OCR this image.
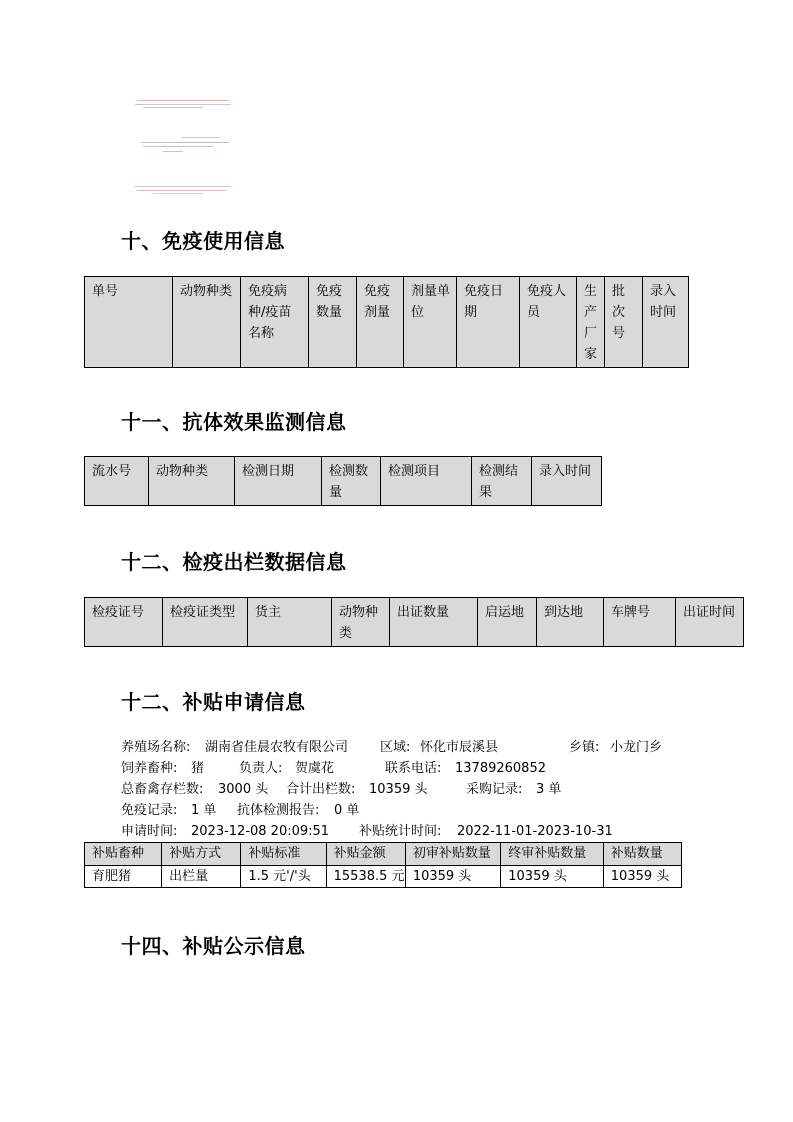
十、免疫使用信息
单号	动物种类	免疫病种/疫苗名称	免疫数量	免疫剂量	剂量单位	免疫日期	免疫人员	生产厂家	批次号	录入时间
十一、抗体效果监测信息
流水号	动物种类	检测日期	检测数量	检测项目	检测结果	录入时间
十二、检疫出栏数据信息
检疫证号	检疫证类型	货主	动物种类	出证数量	启运地	到达地	车牌号	出证时间
十二、补贴申请信息
养殖场名称: 湖南省佳晨农牧有限公司 区域: 怀化市辰溪县	乡镇: 小龙门乡
饲养畜种: 猪	负责人: 贺虞花	联系电话: 13789260852
总畜禽存栏数: 3000 头 合计出栏数: 10359 头	采购记录: 3 单
免疫记录: 1 单 抗体检测报告: 0 单
申请时间: 2023-12-08 20:09:51 补贴统计时间: 2022-11-01-2023-10-31
补贴畜种	补贴方式	补贴标准	补贴金额	初审补贴数量	终审补贴数量	补贴数量
育肥猪	出栏量	1.5 元'/'头	15538.5 元	10359 头	10359 头	10359 头
十四、补贴公示信息
